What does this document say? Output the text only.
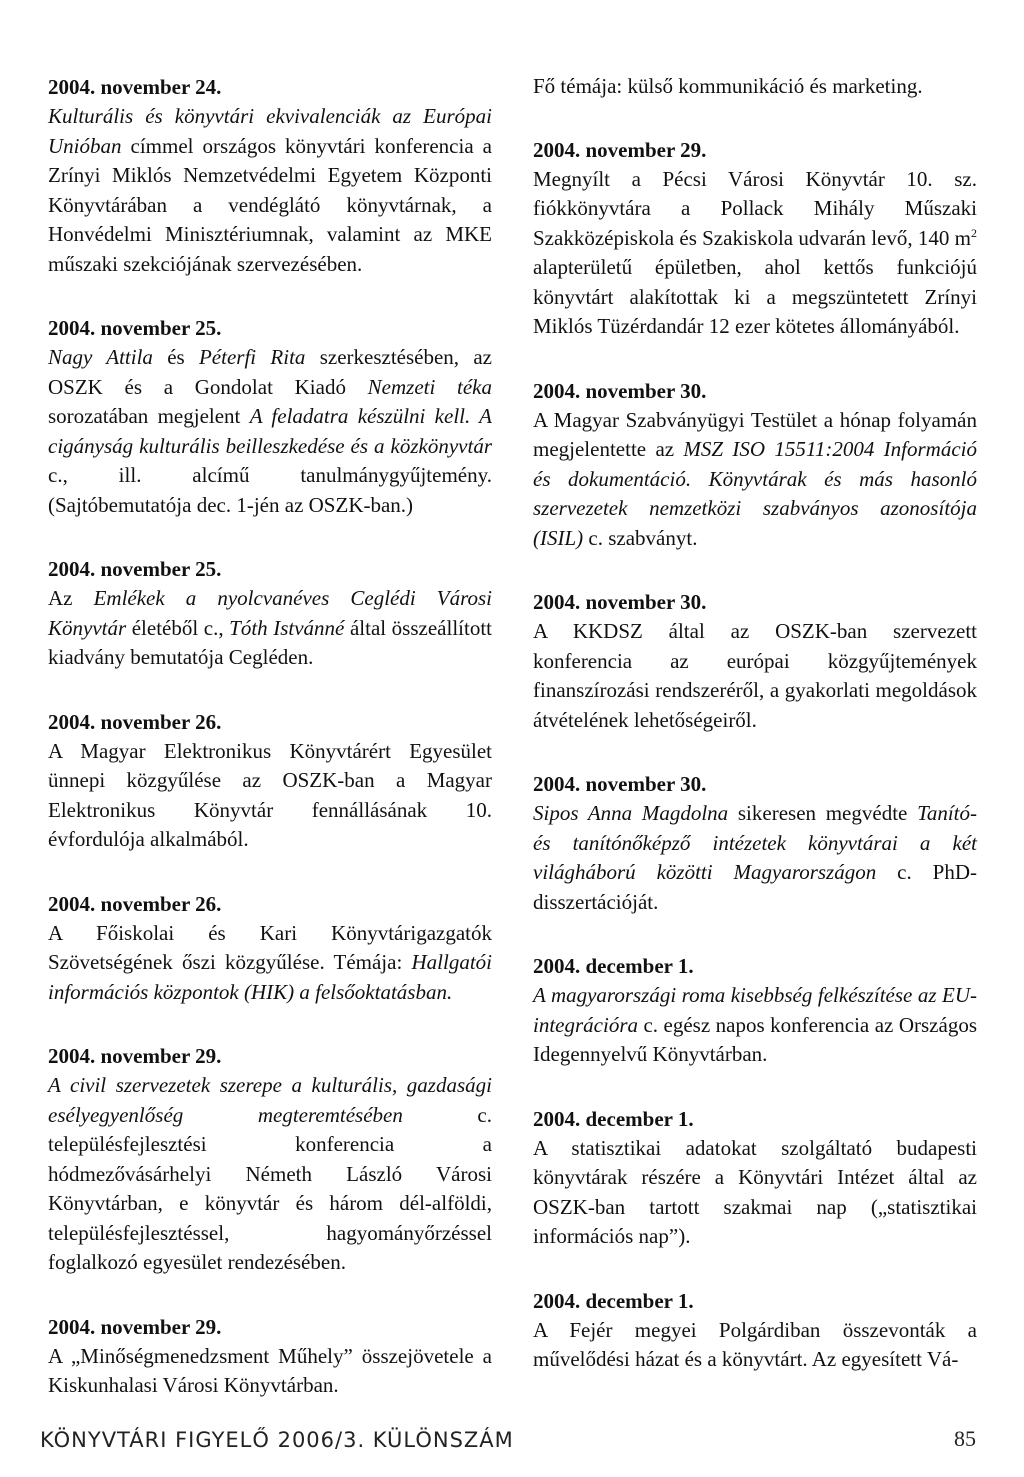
2004. november 24.
Kulturális és könyvtári ekvivalenciák az Európai Unióban címmel országos könyvtári konferencia a Zrínyi Miklós Nemzetvédelmi Egyetem Központi Könyvtárában a vendéglátó könyvtárnak, a Honvédelmi Minisztériumnak, valamint az MKE műszaki szekciójának szervezésében.
2004. november 25.
Nagy Attila és Péterfi Rita szerkesztésében, az OSZK és a Gondolat Kiadó Nemzeti téka sorozatában megjelent A feladatra készülni kell. A cigányság kulturális beilleszkedése és a közkönyvtár c., ill. alcímű tanulmánygyűjtemény. (Sajtóbemutatója dec. 1-jén az OSZK-ban.)
2004. november 25.
Az Emlékek a nyolcvanéves Ceglédi Városi Könyvtár életéből c., Tóth Istvánné által összeállított kiadvány bemutatója Cegléden.
2004. november 26.
A Magyar Elektronikus Könyvtárért Egyesület ünnepi közgyűlése az OSZK-ban a Magyar Elektronikus Könyvtár fennállásának 10. évfordulója alkalmából.
2004. november 26.
A Főiskolai és Kari Könyvtárigazgatók Szövetségének őszi közgyűlése. Témája: Hallgatói információs központok (HIK) a felsőoktatásban.
2004. november 29.
A civil szervezetek szerepe a kulturális, gazdasági esélyegyenlőség megteremtésében c. településfejlesztési konferencia a hódmezővásárhelyi Németh László Városi Könyvtárban, e könyvtár és három dél-alföldi, településfejlesztéssel, hagyományőrzéssel foglalkozó egyesület rendezésében.
2004. november 29.
A „Minőségmenedzsment Műhely” összejövetele a Kiskunhalasi Városi Könyvtárban.
Fő témája: külső kommunikáció és marketing.
2004. november 29.
Megnyílt a Pécsi Városi Könyvtár 10. sz. fiókkönyvtára a Pollack Mihály Műszaki Szakközépiskola és Szakiskola udvarán levő, 140 $m^2$ alapterületű épületben, ahol kettős funkciójú könyvtárt alakítottak ki a megszüntetett Zrínyi Miklós Tüzérdandár 12 ezer kötetes állományából.
2004. november 30.
A Magyar Szabványügyi Testület a hónap folyamán megjelentette az MSZ ISO 15511:2004 Információ és dokumentáció. Könyvtárak és más hasonló szervezetek nemzetközi szabványos azonosítója (ISIL) c. szabványt.
2004. november 30.
A KKDSZ által az OSZK-ban szervezett konferencia az európai közgyűjtemények finanszírozási rendszeréről, a gyakorlati megoldások átvételének lehetőségeiről.
2004. november 30.
Sipos Anna Magdolna sikeresen megvédte Tanító- és tanítónőképző intézetek könyvtárai a két világháború közötti Magyarországon c. PhD-disszertációját.
2004. december 1.
A magyarországi roma kisebbség felkészítése az EU-integrációra c. egész napos konferencia az Országos Idegennyelvű Könyvtárban.
2004. december 1.
A statisztikai adatokat szolgáltató budapesti könyvtárak részére a Könyvtári Intézet által az OSZK-ban tartott szakmai nap („statisztikai információs nap”).
2004. december 1.
A Fejér megyei Polgárdiban összevonták a művelődési házat és a könyvtárt. Az egyesített Vá-
KÖNYVTÁRI FIGYELŐ 2006/3. KÜLÖNSZÁM	85
